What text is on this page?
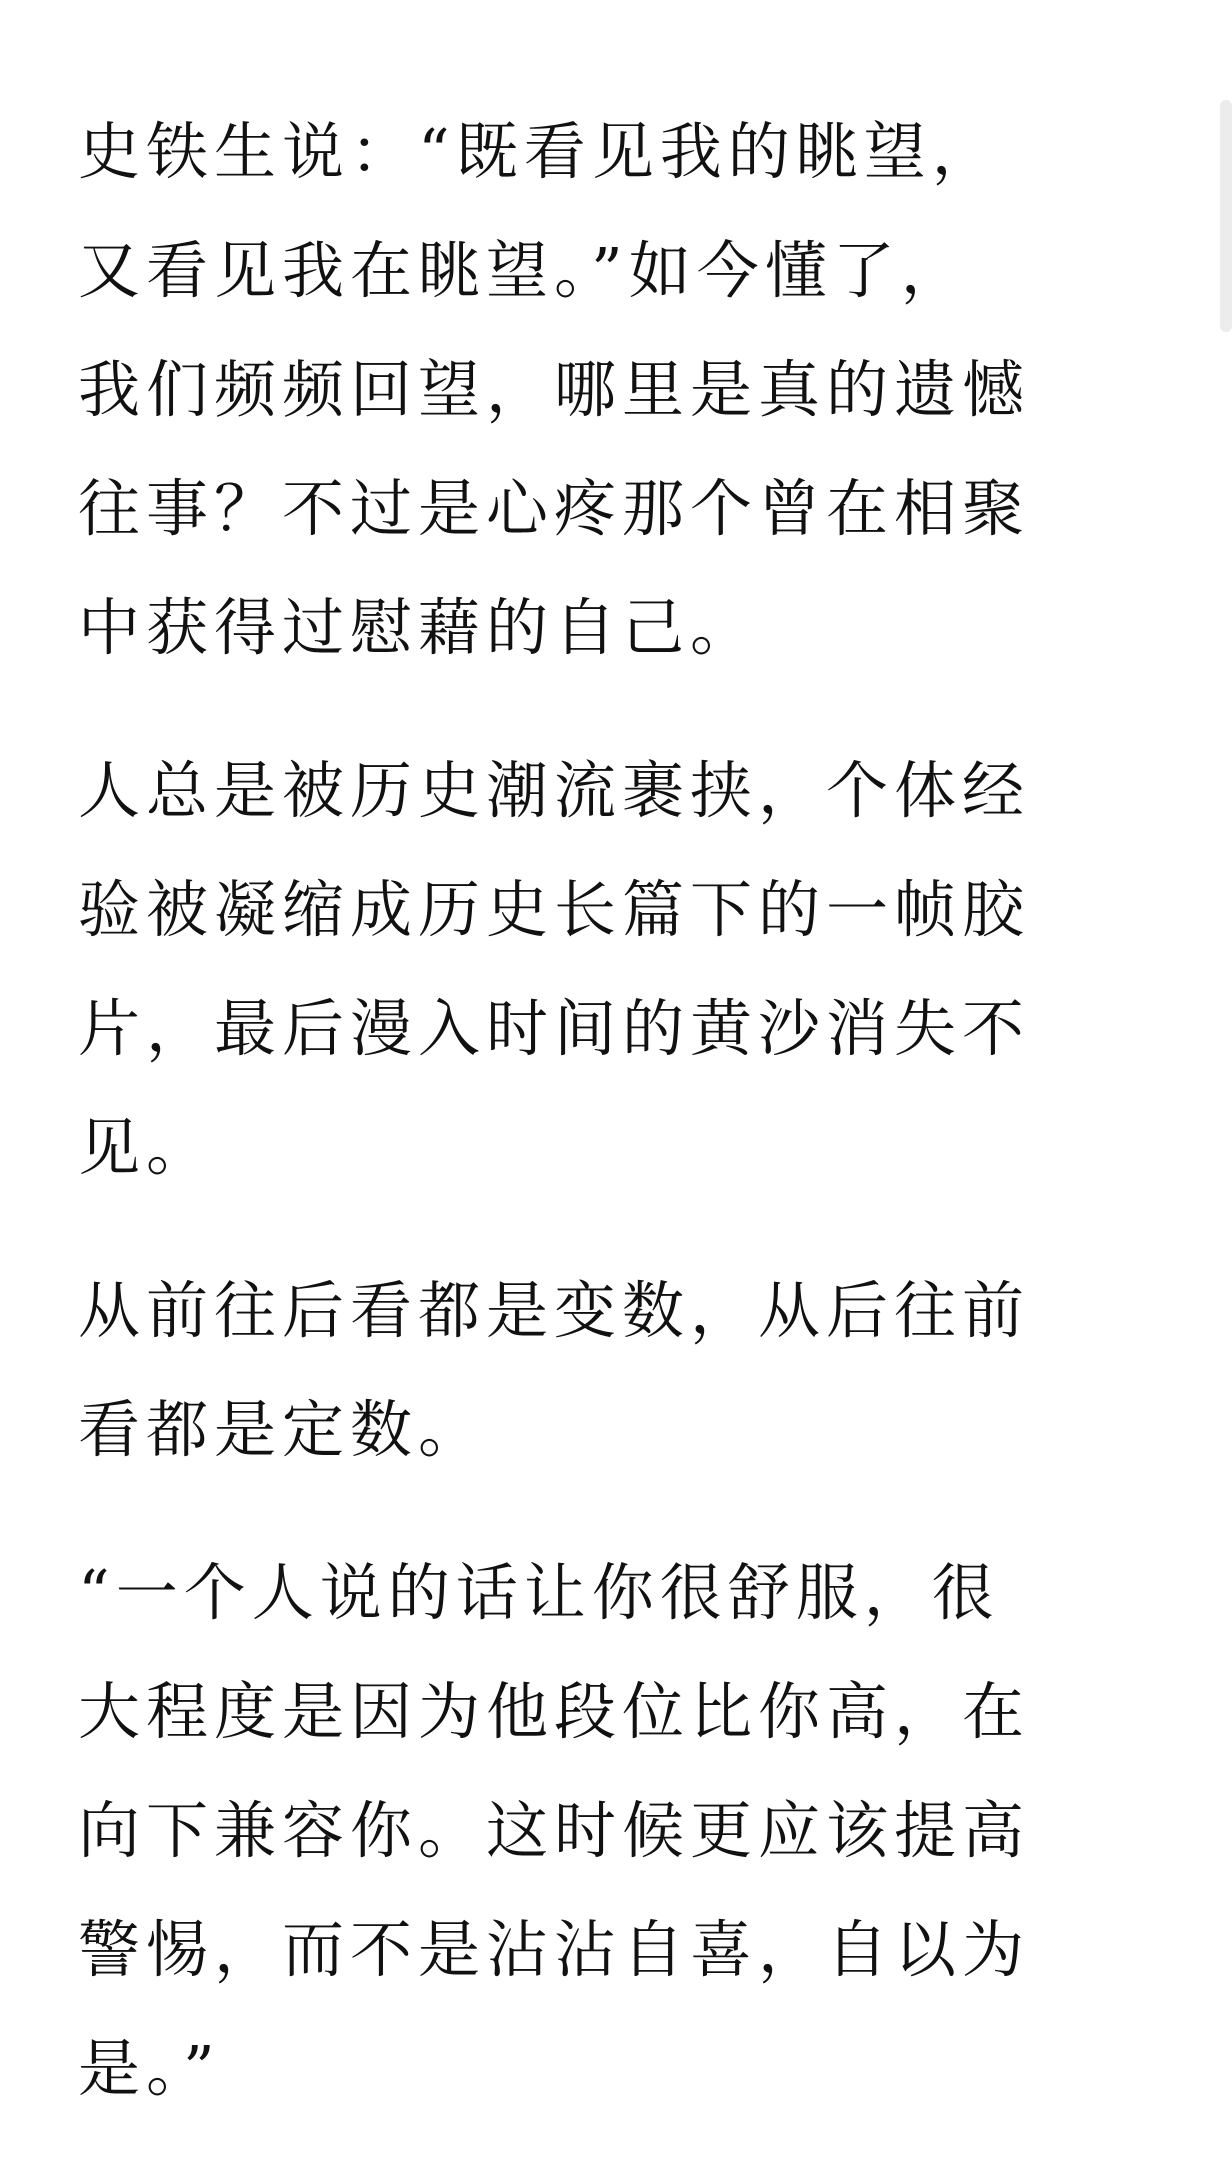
史铁生说：“既看见我的眺望，
又看见我在眺望。”如今懂了，
我们频频回望，哪里是真的遗憾
往事？不过是心疼那个曾在相聚
中获得过慰藉的自己。

人总是被历史潮流裹挟，个体经
验被凝缩成历史长篇下的一帧胶
片，最后漫入时间的黄沙消失不
见。

从前往后看都是变数，从后往前
看都是定数。

“一个人说的话让你很舒服，很
大程度是因为他段位比你高，在
向下兼容你。这时候更应该提高
警惕，而不是沾沾自喜，自以为
是。”
